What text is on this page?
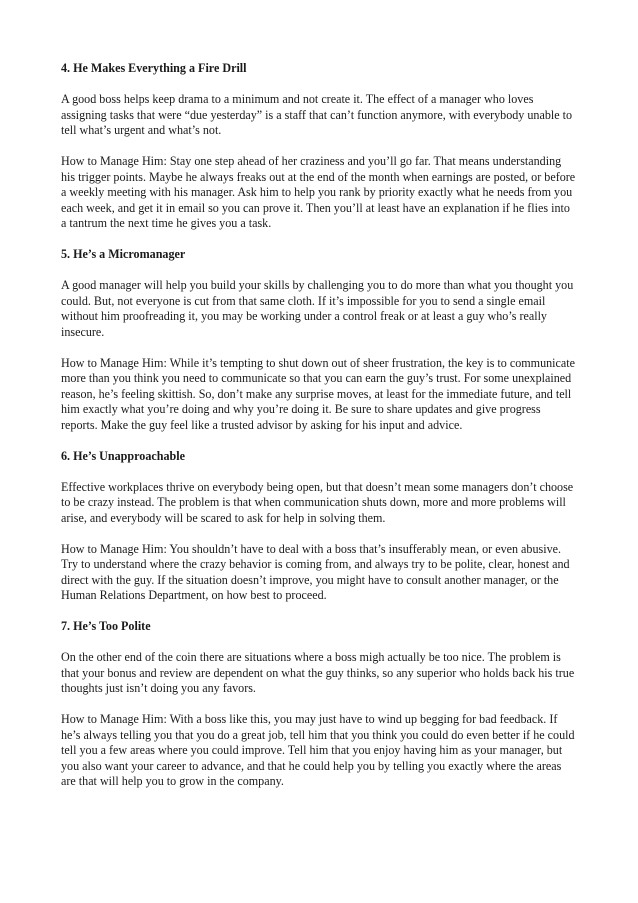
4. He Makes Everything a Fire Drill
A good boss helps keep drama to a minimum and not create it. The effect of a manager who loves assigning tasks that were “due yesterday” is a staff that can’t function anymore, with everybody unable to tell what’s urgent and what’s not.
How to Manage Him: Stay one step ahead of her craziness and you’ll go far. That means understanding his trigger points. Maybe he always freaks out at the end of the month when earnings are posted, or before a weekly meeting with his manager. Ask him to help you rank by priority exactly what he needs from you each week, and get it in email so you can prove it. Then you’ll at least have an explanation if he flies into a tantrum the next time he gives you a task.
5. He’s a Micromanager
A good manager will help you build your skills by challenging you to do more than what you thought you could. But, not everyone is cut from that same cloth. If it’s impossible for you to send a single email without him proofreading it, you may be working under a control freak or at least a guy who’s really insecure.
How to Manage Him: While it’s tempting to shut down out of sheer frustration, the key is to communicate more than you think you need to communicate so that you can earn the guy’s trust. For some unexplained reason, he’s feeling skittish. So, don’t make any surprise moves, at least for the immediate future, and tell him exactly what you’re doing and why you’re doing it. Be sure to share updates and give progress reports. Make the guy feel like a trusted advisor by asking for his input and advice.
6. He’s Unapproachable
Effective workplaces thrive on everybody being open, but that doesn’t mean some managers don’t choose to be crazy instead. The problem is that when communication shuts down, more and more problems will arise, and everybody will be scared to ask for help in solving them.
How to Manage Him: You shouldn’t have to deal with a boss that’s insufferably mean, or even abusive. Try to understand where the crazy behavior is coming from, and always try to be polite, clear, honest and direct with the guy. If the situation doesn’t improve, you might have to consult another manager, or the Human Relations Department, on how best to proceed.
7. He’s Too Polite
On the other end of the coin there are situations where a boss migh actually be too nice. The problem is that your bonus and review are dependent on what the guy thinks, so any superior who holds back his true thoughts just isn’t doing you any favors.
How to Manage Him: With a boss like this, you may just have to wind up begging for bad feedback. If he’s always telling you that you do a great job, tell him that you think you could do even better if he could tell you a few areas where you could improve. Tell him that you enjoy having him as your manager, but you also want your career to advance, and that he could help you by telling you exactly where the areas are that will help you to grow in the company.
